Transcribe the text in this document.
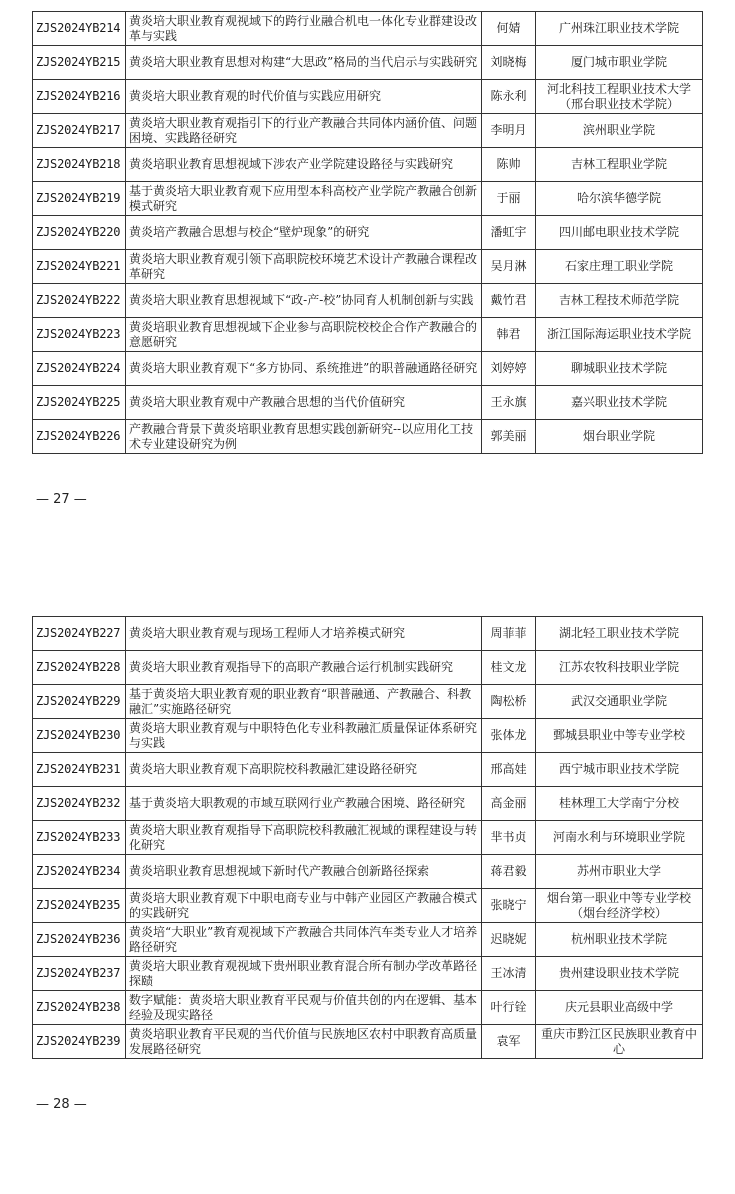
ZJS2024YB214	黄炎培大职业教育观视域下的跨行业融合机电一体化专业群建设改革与实践	何婧	广州珠江职业技术学院
ZJS2024YB215	黄炎培大职业教育思想对构建“大思政”格局的当代启示与实践研究	刘晓梅	厦门城市职业学院
ZJS2024YB216	黄炎培大职业教育观的时代价值与实践应用研究	陈永利	河北科技工程职业技术大学（邢台职业技术学院）
ZJS2024YB217	黄炎培大职业教育观指引下的行业产教融合共同体内涵价值、问题困境、实践路径研究	李明月	滨州职业学院
ZJS2024YB218	黄炎培职业教育思想视域下涉农产业学院建设路径与实践研究	陈帅	吉林工程职业学院
ZJS2024YB219	基于黄炎培大职业教育观下应用型本科高校产业学院产教融合创新模式研究	于丽	哈尔滨华德学院
ZJS2024YB220	黄炎培产教融合思想与校企“壁炉现象”的研究	潘虹宇	四川邮电职业技术学院
ZJS2024YB221	黄炎培大职业教育观引领下高职院校环境艺术设计产教融合课程改革研究	吴月淋	石家庄理工职业学院
ZJS2024YB222	黄炎培大职业教育思想视域下“政-产-校”协同育人机制创新与实践	戴竹君	吉林工程技术师范学院
ZJS2024YB223	黄炎培职业教育思想视域下企业参与高职院校校企合作产教融合的意愿研究	韩君	浙江国际海运职业技术学院
ZJS2024YB224	黄炎培大职业教育观下“多方协同、系统推进”的职普融通路径研究	刘婷婷	聊城职业技术学院
ZJS2024YB225	黄炎培大职业教育观中产教融合思想的当代价值研究	王永旗	嘉兴职业技术学院
ZJS2024YB226	产教融合背景下黄炎培职业教育思想实践创新研究--以应用化工技术专业建设研究为例	郭美丽	烟台职业学院
— 27 —
ZJS2024YB227	黄炎培大职业教育观与现场工程师人才培养模式研究	周菲菲	湖北轻工职业技术学院
ZJS2024YB228	黄炎培大职业教育观指导下的高职产教融合运行机制实践研究	桂文龙	江苏农牧科技职业学院
ZJS2024YB229	基于黄炎培大职业教育观的职业教育“职普融通、产教融合、科教融汇”实施路径研究	陶松桥	武汉交通职业学院
ZJS2024YB230	黄炎培大职业教育观与中职特色化专业科教融汇质量保证体系研究与实践	张体龙	鄄城县职业中等专业学校
ZJS2024YB231	黄炎培大职业教育观下高职院校科教融汇建设路径研究	邢高娃	西宁城市职业技术学院
ZJS2024YB232	基于黄炎培大职教观的市域互联网行业产教融合困境、路径研究	高金丽	桂林理工大学南宁分校
ZJS2024YB233	黄炎培大职业教育观指导下高职院校科教融汇视域的课程建设与转化研究	芈书贞	河南水利与环境职业学院
ZJS2024YB234	黄炎培职业教育思想视域下新时代产教融合创新路径探索	蒋君毅	苏州市职业大学
ZJS2024YB235	黄炎培大职业教育观下中职电商专业与中韩产业园区产教融合模式的实践研究	张晓宁	烟台第一职业中等专业学校（烟台经济学校）
ZJS2024YB236	黄炎培“大职业”教育观视域下产教融合共同体汽车类专业人才培养路径研究	迟晓妮	杭州职业技术学院
ZJS2024YB237	黄炎培大职业教育观视域下贵州职业教育混合所有制办学改革路径探赜	王冰清	贵州建设职业技术学院
ZJS2024YB238	数字赋能：黄炎培大职业教育平民观与价值共创的内在逻辑、基本经验及现实路径	叶行铨	庆元县职业高级中学
ZJS2024YB239	黄炎培职业教育平民观的当代价值与民族地区农村中职教育高质量发展路径研究	袁军	重庆市黔江区民族职业教育中心
— 28 —
